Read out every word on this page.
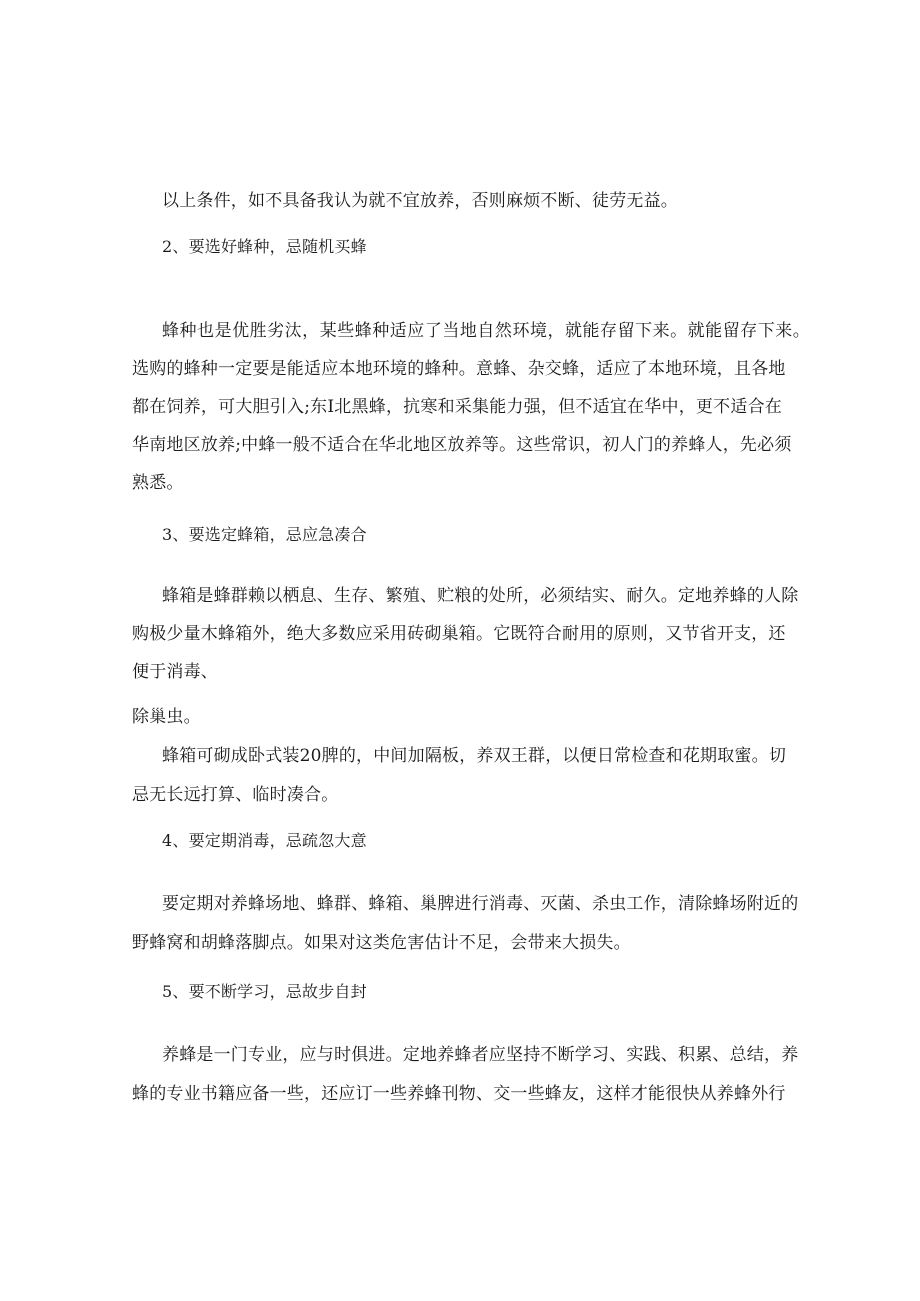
以上条件，如不具备我认为就不宜放养，否则麻烦不断、徒劳无益。
2、要选好蜂种，忌随机买蜂
蜂种也是优胜劣汰，某些蜂种适应了当地自然环境，就能存留下来。就能留存下来。
选购的蜂种一定要是能适应本地环境的蜂种。意蜂、杂交蜂，适应了本地环境，且各地
都在饲养，可大胆引入;东I北黑蜂，抗寒和采集能力强，但不适宜在华中，更不适合在
华南地区放养;中蜂一般不适合在华北地区放养等。这些常识，初人门的养蜂人，先必须
熟悉。
3、要选定蜂箱，忌应急凑合
蜂箱是蜂群赖以栖息、生存、繁殖、贮粮的处所，必须结实、耐久。定地养蜂的人除
购极少量木蜂箱外，绝大多数应采用砖砌巢箱。它既符合耐用的原则，又节省开支，还
便于消毒、
除巢虫。
蜂箱可砌成卧式装20脾的，中间加隔板，养双王群，以便日常检查和花期取蜜。切
忌无长远打算、临时凑合。
4、要定期消毒，忌疏忽大意
要定期对养蜂场地、蜂群、蜂箱、巢脾进行消毒、灭菌、杀虫工作，清除蜂场附近的
野蜂窝和胡蜂落脚点。如果对这类危害估计不足，会带来大损失。
5、要不断学习，忌故步自封
养蜂是一门专业，应与时俱进。定地养蜂者应坚持不断学习、实践、积累、总结，养
蜂的专业书籍应备一些，还应订一些养蜂刊物、交一些蜂友，这样才能很快从养蜂外行
